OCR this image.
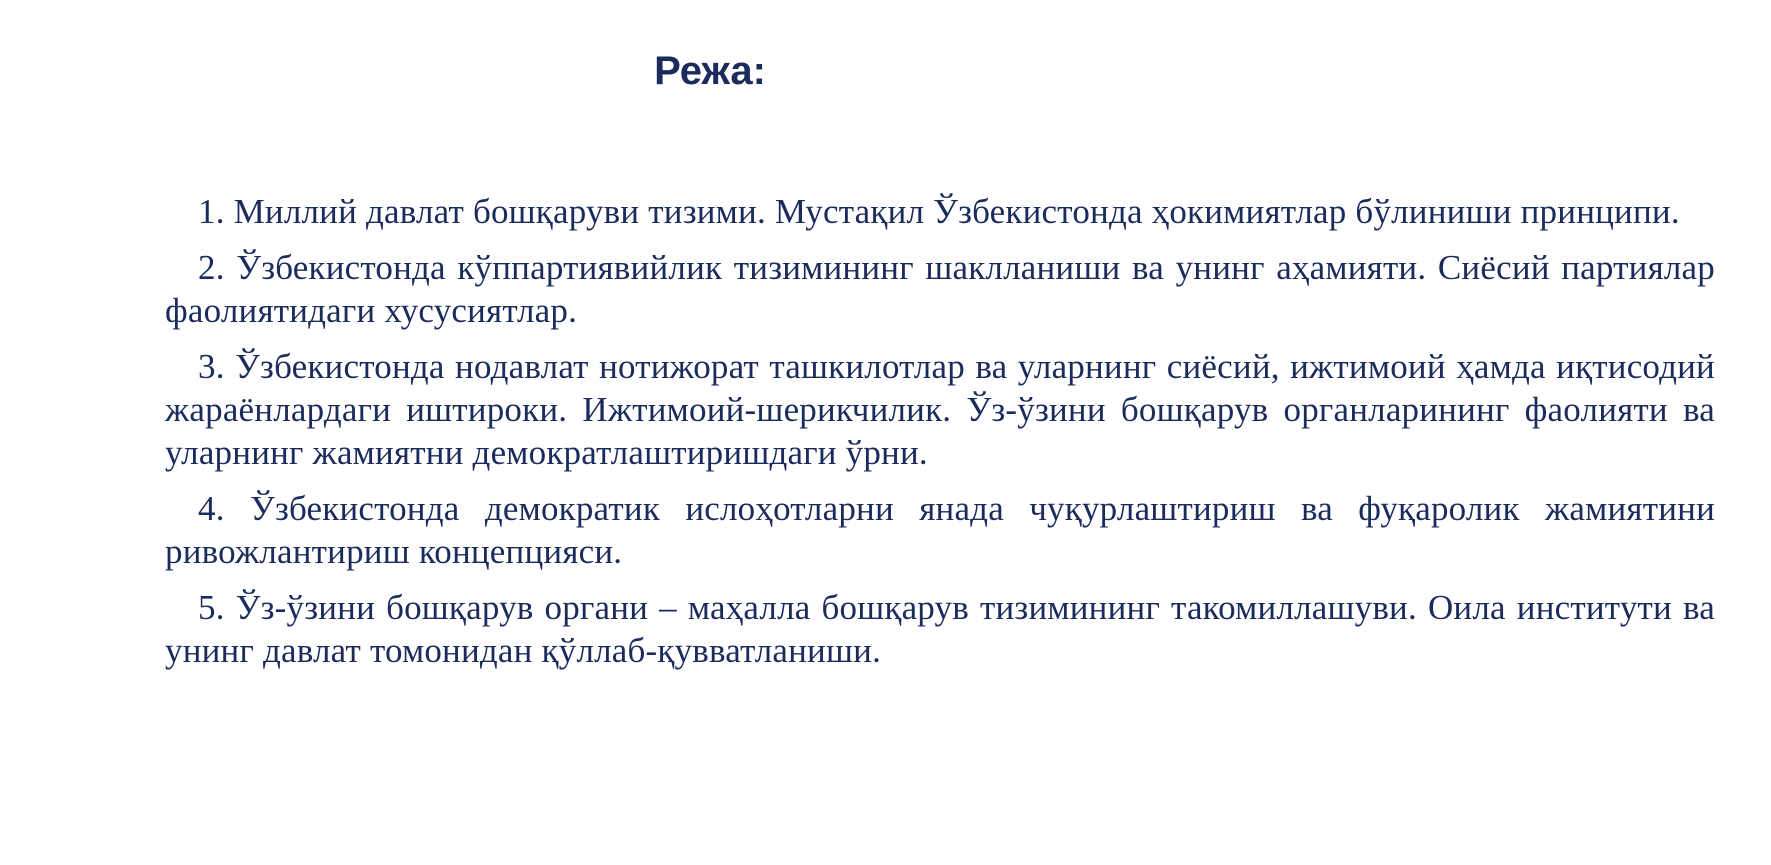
Режа:
1. Миллий давлат бошқаруви тизими. Мустақил Ўзбекистонда ҳокимиятлар бўлиниши принципи.
2. Ўзбекистонда кўппартиявийлик тизимининг шаклланиши ва унинг аҳамияти. Сиёсий партиялар фаолиятидаги хусусиятлар.
3. Ўзбекистонда нодавлат нотижорат ташкилотлар ва уларнинг сиёсий, ижтимоий ҳамда иқтисодий жараёнлардаги иштироки. Ижтимоий-шерикчилик. Ўз-ўзини бошқарув органларининг фаолияти ва уларнинг жамиятни демократлаштиришдаги ўрни.
4. Ўзбекистонда демократик ислоҳотларни янада чуқурлаштириш ва фуқаролик жамиятини ривожлантириш концепцияси.
5. Ўз-ўзини бошқарув органи – маҳалла бошқарув тизимининг такомиллашуви. Оила институти ва унинг давлат томонидан қўллаб-қувватланиши.
